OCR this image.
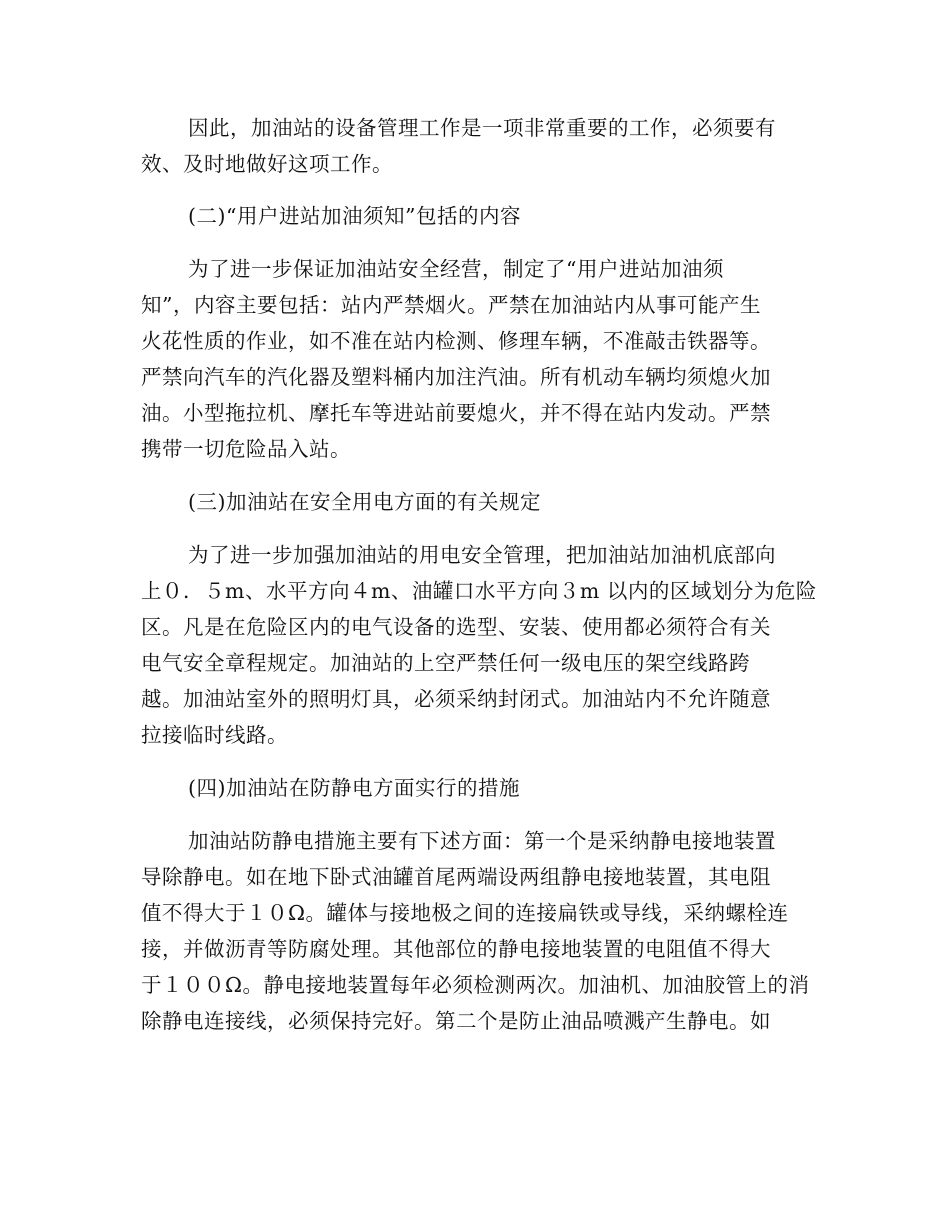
因此，加油站的设备管理工作是一项非常重要的工作，必须要有
效、及时地做好这项工作。
(二)“用户进站加油须知”包括的内容
为了进一步保证加油站安全经营，制定了“用户进站加油须
知”，内容主要包括：站内严禁烟火。严禁在加油站内从事可能产生
火花性质的作业，如不准在站内检测、修理车辆，不准敲击铁器等。
严禁向汽车的汽化器及塑料桶内加注汽油。所有机动车辆均须熄火加
油。小型拖拉机、摩托车等进站前要熄火，并不得在站内发动。严禁
携带一切危险品入站。
(三)加油站在安全用电方面的有关规定
为了进一步加强加油站的用电安全管理，把加油站加油机底部向
上０．５m、水平方向４m、油罐口水平方向３m 以内的区域划分为危险
区。凡是在危险区内的电气设备的选型、安装、使用都必须符合有关
电气安全章程规定。加油站的上空严禁任何一级电压的架空线路跨
越。加油站室外的照明灯具，必须采纳封闭式。加油站内不允许随意
拉接临时线路。
(四)加油站在防静电方面实行的措施
加油站防静电措施主要有下述方面：第一个是采纳静电接地装置
导除静电。如在地下卧式油罐首尾两端设两组静电接地装置，其电阻
值不得大于１０Ω。罐体与接地极之间的连接扁铁或导线，采纳螺栓连
接，并做沥青等防腐处理。其他部位的静电接地装置的电阻值不得大
于１００Ω。静电接地装置每年必须检测两次。加油机、加油胶管上的消
除静电连接线，必须保持完好。第二个是防止油品喷溅产生静电。如
